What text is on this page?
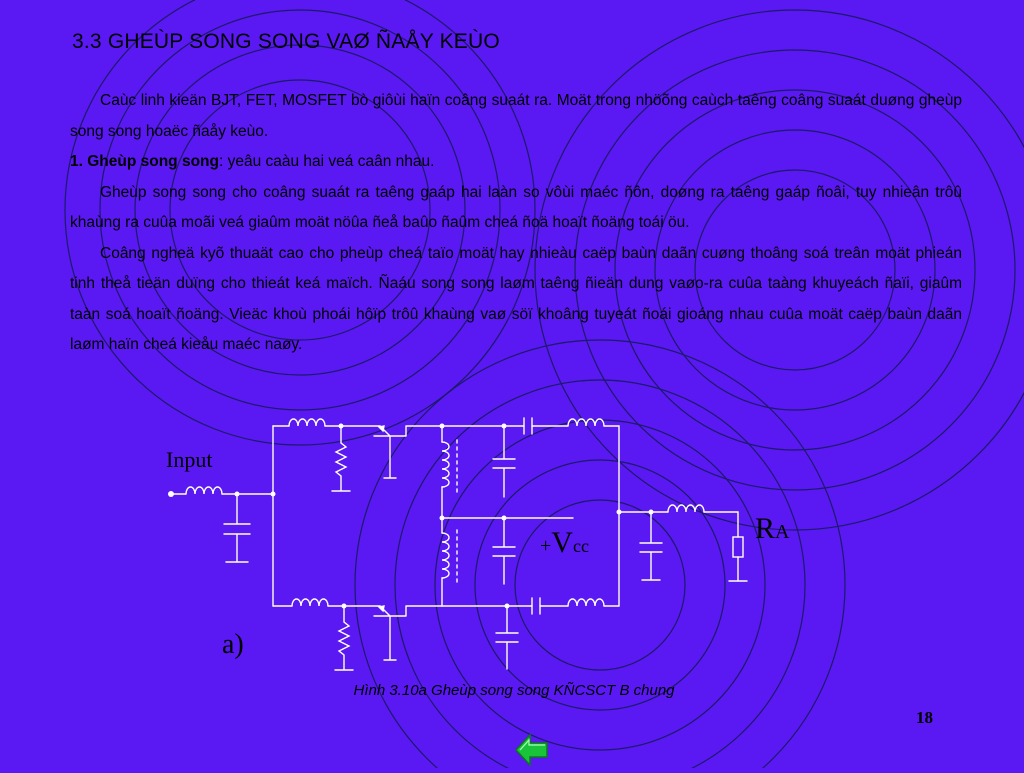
3.3 GHEÙP SONG SONG VAØ ÑAÅY KEÙO

Caùc linh kieän BJT, FET, MOSFET bò giôùi haïn coâng suaát ra. Moät trong nhöõng caùch taêng coâng suaát duøng gheùp song song hoaëc ñaåy keùo.

1. Gheùp song song: yeâu caàu hai veá caân nhau.

Gheùp song song cho coâng suaát ra taêng gaáp hai laàn so vôùi maéc ñôn, doøng ra taêng gaáp ñoâi, tuy nhieân trôû khaùng ra cuûa moãi veá giaûm moät nöûa ñeå baûo ñaûm cheá ñoä hoaït ñoäng toái öu.

Coâng ngheä kyõ thuaät cao cho pheùp cheá taïo moät hay nhieàu caëp baùn daãn cuøng thoâng soá treân moät phieán tinh theå tieän duïng cho thieát keá maïch. Ñaáu song song laøm taêng ñieän dung vaøo-ra cuûa taàng khuyeách ñaïi, giaûm taàn soá hoaït ñoäng. Vieäc khoù phoái hôïp trôû khaùng vaø söï khoâng tuyeát ñoái gioáng nhau cuûa moät caëp baùn daãn laøm haïn cheá kieåu maéc naøy.

Input
+Vcc
RA
a)
Hình 3.10a Gheùp song song KÑCSCT B chung
18
